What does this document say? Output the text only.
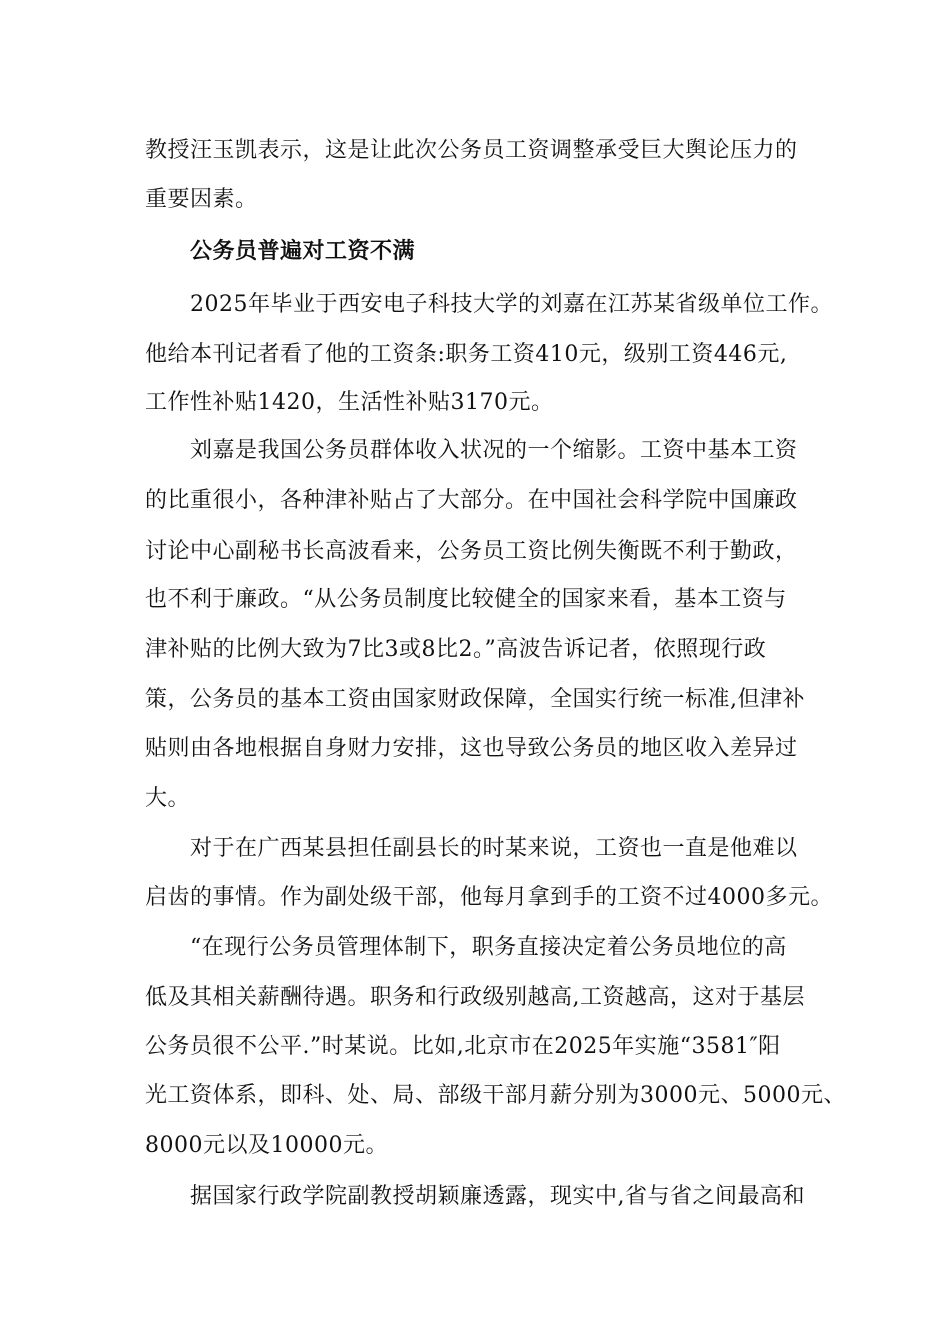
教授汪玉凯表示，这是让此次公务员工资调整承受巨大舆论压力的
重要因素。
公务员普遍对工资不满
2025年毕业于西安电子科技大学的刘嘉在江苏某省级单位工作。
他给本刊记者看了他的工资条:职务工资410元，级别工资446元,
工作性补贴1420，生活性补贴3170元。
刘嘉是我国公务员群体收入状况的一个缩影。工资中基本工资
的比重很小，各种津补贴占了大部分。在中国社会科学院中国廉政
讨论中心副秘书长高波看来，公务员工资比例失衡既不利于勤政，
也不利于廉政。“从公务员制度比较健全的国家来看，基本工资与
津补贴的比例大致为7比3或8比2。”高波告诉记者，依照现行政
策，公务员的基本工资由国家财政保障，全国实行统一标准,但津补
贴则由各地根据自身财力安排，这也导致公务员的地区收入差异过
大。
对于在广西某县担任副县长的时某来说，工资也一直是他难以
启齿的事情。作为副处级干部，他每月拿到手的工资不过4000多元。
“在现行公务员管理体制下，职务直接决定着公务员地位的高
低及其相关薪酬待遇。职务和行政级别越高,工资越高，这对于基层
公务员很不公平.”时某说。比如,北京市在2025年实施“3581″阳
光工资体系，即科、处、局、部级干部月薪分别为3000元、5000元、
8000元以及10000元。
据国家行政学院副教授胡颖廉透露，现实中,省与省之间最高和
